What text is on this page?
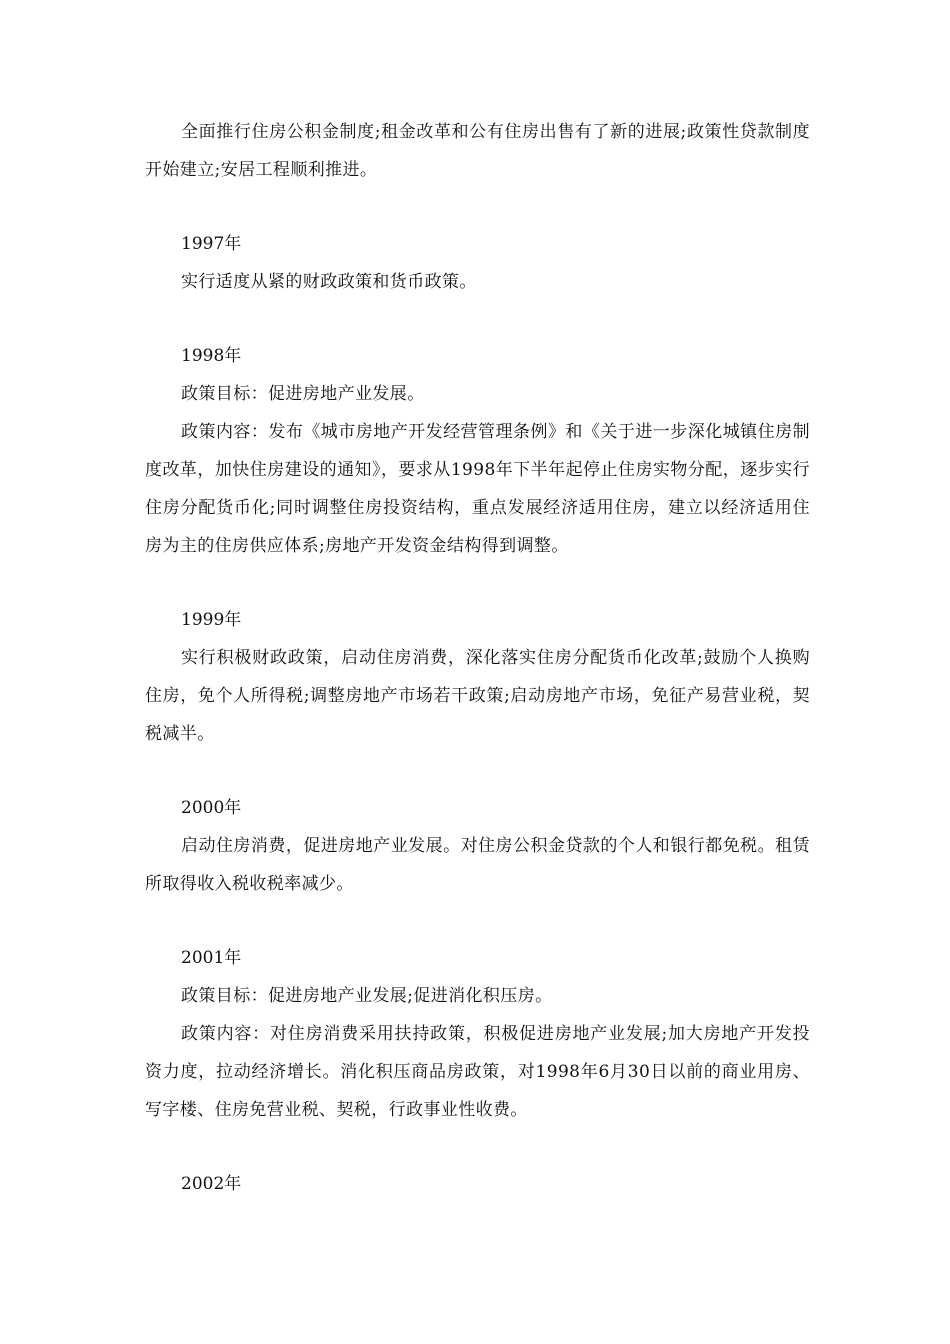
全面推行住房公积金制度;租金改革和公有住房出售有了新的进展;政策性贷款制度开始建立;安居工程顺利推进。

1997年

实行适度从紧的财政政策和货币政策。

1998年

政策目标：促进房地产业发展。

政策内容：发布《城市房地产开发经营管理条例》和《关于进一步深化城镇住房制度改革，加快住房建设的通知》，要求从1998年下半年起停止住房实物分配，逐步实行住房分配货币化;同时调整住房投资结构，重点发展经济适用住房，建立以经济适用住房为主的住房供应体系;房地产开发资金结构得到调整。

1999年

实行积极财政政策，启动住房消费，深化落实住房分配货币化改革;鼓励个人换购住房，免个人所得税;调整房地产市场若干政策;启动房地产市场，免征产易营业税，契税减半。

2000年

启动住房消费，促进房地产业发展。对住房公积金贷款的个人和银行都免税。租赁所取得收入税收税率减少。

2001年

政策目标：促进房地产业发展;促进消化积压房。

政策内容：对住房消费采用扶持政策，积极促进房地产业发展;加大房地产开发投资力度，拉动经济增长。消化积压商品房政策，对1998年6月30日以前的商业用房、写字楼、住房免营业税、契税，行政事业性收费。

2002年
